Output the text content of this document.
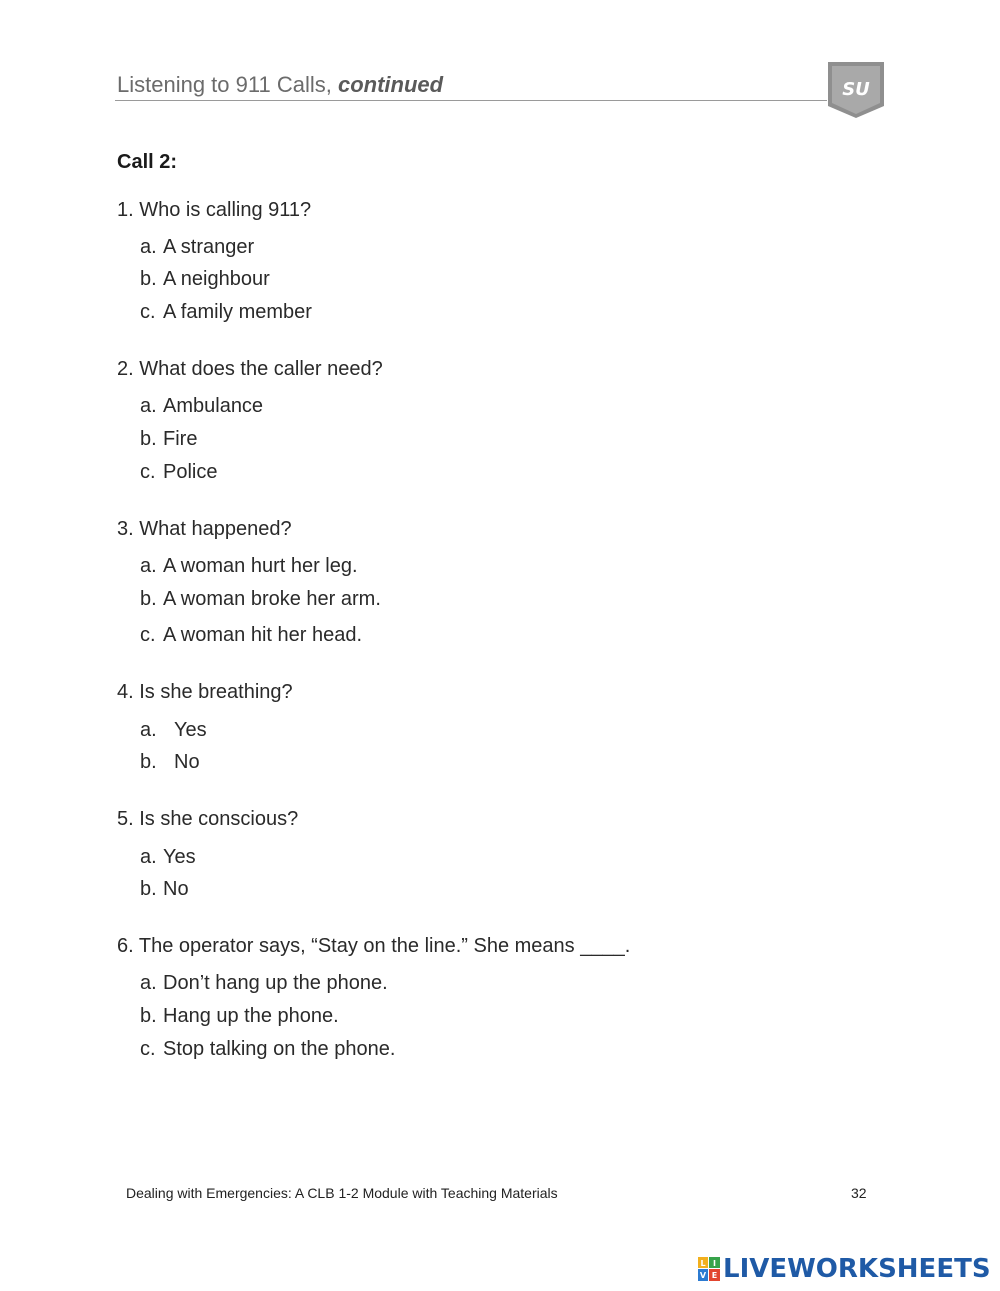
Listening to 911 Calls, continued	SU
Call 2:
1. Who is calling 911?
a. A stranger
b. A neighbour
c. A family member
2. What does the caller need?
a. Ambulance
b. Fire
c. Police
3. What happened?
a. A woman hurt her leg.
b. A woman broke her arm.
c. A woman hit her head.
4. Is she breathing?
a. Yes
b. No
5. Is she conscious?
a. Yes
b. No
6. The operator says, “Stay on the line.” She means ____.
a. Don’t hang up the phone.
b. Hang up the phone.
c. Stop talking on the phone.
Dealing with Emergencies: A CLB 1-2 Module with Teaching Materials	32
L I
V E LIVEWORKSHEETS
